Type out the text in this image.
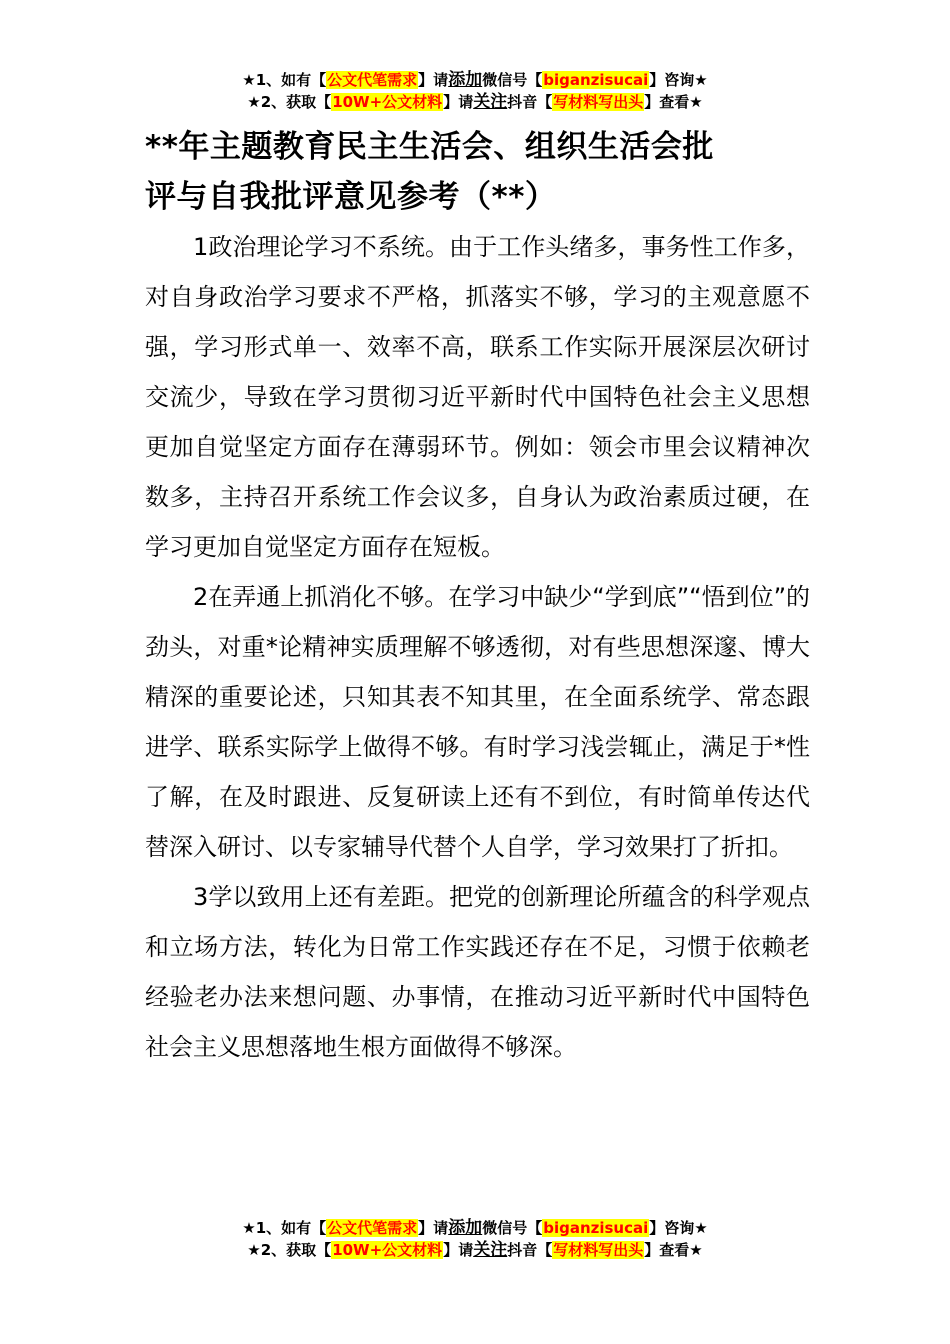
★1、如有【公文代笔需求】请添加微信号【biganzisucai】咨询★
★2、获取【10W+公文材料】请关注抖音【写材料写出头】查看★
**年主题教育民主生活会、组织生活会批
评与自我批评意见参考（**）

1政治理论学习不系统。由于工作头绪多，事务性工作多，对自身政治学习要求不严格，抓落实不够，学习的主观意愿不强，学习形式单一、效率不高，联系工作实际开展深层次研讨交流少，导致在学习贯彻习近平新时代中国特色社会主义思想更加自觉坚定方面存在薄弱环节。例如：领会市里会议精神次数多，主持召开系统工作会议多，自身认为政治素质过硬，在学习更加自觉坚定方面存在短板。

2在弄通上抓消化不够。在学习中缺少“学到底”“悟到位”的劲头，对重*论精神实质理解不够透彻，对有些思想深邃、博大精深的重要论述，只知其表不知其里，在全面系统学、常态跟进学、联系实际学上做得不够。有时学习浅尝辄止，满足于*性了解，在及时跟进、反复研读上还有不到位，有时简单传达代替深入研讨、以专家辅导代替个人自学，学习效果打了折扣。

3学以致用上还有差距。把党的创新理论所蕴含的科学观点和立场方法，转化为日常工作实践还存在不足，习惯于依赖老经验老办法来想问题、办事情，在推动习近平新时代中国特色社会主义思想落地生根方面做得不够深。

★1、如有【公文代笔需求】请添加微信号【biganzisucai】咨询★
★2、获取【10W+公文材料】请关注抖音【写材料写出头】查看★
